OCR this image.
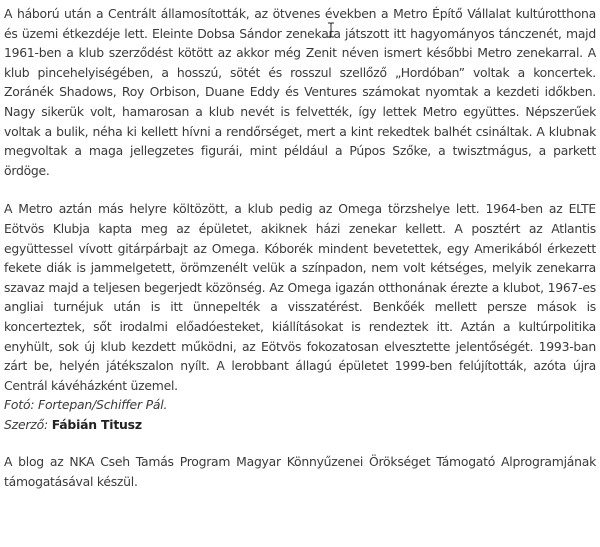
A háború után a Centrált államosították, az ötvenes években a Metro Építő Vállalat kultúrotthona és üzemi étkezdéje lett. Eleinte Dobsa Sándor zenekara játszott itt hagyományos tánczenét, majd 1961-ben a klub szerződést kötött az akkor még Zenit néven ismert későbbi Metro zenekarral. A klub pincehelyiségében, a hosszú, sötét és rosszul szellőző „Hordóban” voltak a koncertek. Zoránék Shadows, Roy Orbison, Duane Eddy és Ventures számokat nyomtak a kezdeti időkben. Nagy sikerük volt, hamarosan a klub nevét is felvették, így lettek Metro együttes. Népszerűek voltak a bulik, néha ki kellett hívni a rendőrséget, mert a kint rekedtek balhét csináltak. A klubnak megvoltak a maga jellegzetes figurái, mint például a Púpos Szőke, a twisztmágus, a parkett ördöge.

A Metro aztán más helyre költözött, a klub pedig az Omega törzshelye lett. 1964-ben az ELTE Eötvös Klubja kapta meg az épületet, akiknek házi zenekar kellett. A posztért az Atlantis együttessel vívott gitárpárbajt az Omega. Kóborék mindent bevetettek, egy Amerikából érkezett fekete diák is jammelgetett, örömzenélt velük a színpadon, nem volt kétséges, melyik zenekarra szavaz majd a teljesen begerjedt közönség. Az Omega igazán otthonának érezte a klubot, 1967-es angliai turnéjuk után is itt ünnepelték a visszatérést. Benkőék mellett persze mások is koncerteztek, sőt irodalmi előadóesteket, kiállításokat is rendeztek itt. Aztán a kultúrpolitika enyhült, sok új klub kezdett működni, az Eötvös fokozatosan elvesztette jelentőségét. 1993-ban zárt be, helyén játékszalon nyílt. A lerobbant állagú épületet 1999-ben felújították, azóta újra Centrál kávéházként üzemel.

Fotó: Fortepan/Schiffer Pál.

Szerző: Fábián Titusz

A blog az NKA Cseh Tamás Program Magyar Könnyűzenei Örökséget Támogató Alprogramjának támogatásával készül.
